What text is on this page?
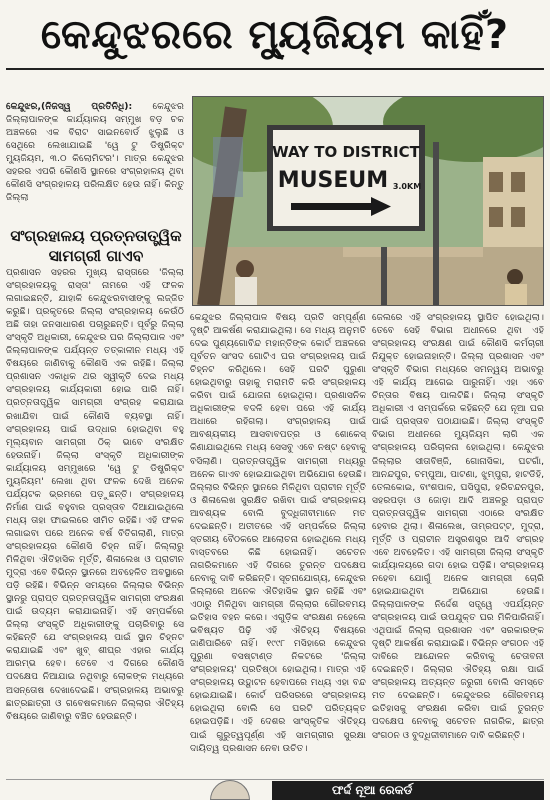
କେନ୍ଦୁଝରରେ ମ୍ୟୁଜିୟମ କାହିଁ?

କେନ୍ଦୁଝର,(ନିଜସ୍ୱ ପ୍ରତିନିଧି): କେନ୍ଦୁଝର ଜିଲ୍ଲାପାଳଙ୍କ କାର୍ଯ୍ୟାଳୟ ସମ୍ମୁଖ ବଡ଼ ଚକ ଅଞ୍ଚଳରେ ଏକ ବିରାଟ ସାଇନବୋର୍ଡ ଝୁଲୁଛି ଓ ସେଥିରେ ଲେଖାଯାଇଛି 'ୱେ ଟୁ ଡିଷ୍ଟ୍ରିକ୍ଟ ମ୍ୟୁଜିୟମ, ୩.୦ କିଲୋମିଟର'। ମାତ୍ର କେନ୍ଦୁଝର ସହରର ଏପରି କୌଣସି ସ୍ଥାନରେ ସଂଗ୍ରହାଳୟ ଥିବା କୌଣସି ସଂଗ୍ରହାଳୟ ପରିଲକ୍ଷିତ ହେଉ ନାହିଁ। କିନ୍ତୁ ଜିଲ୍ଲା

ସଂଗ୍ରହାଳୟ ପ୍ରତ୍ନତାତ୍ତ୍ୱିକ ସାମଗ୍ରୀ ଗାଏବ

ପ୍ରଶାସନ ସହରର ମୁଖ୍ୟ ରାସ୍ତାରେ 'ଜିଲ୍ଲା ସଂଗ୍ରହାଳୟକୁ ରାସ୍ତା' ନାମରେ ଏହି ଫଳକ ଲଗାଇଛନ୍ତି, ଯାହାକି କେନ୍ଦୁଝରବାସୀଙ୍କୁ ଲଜ୍ଜିତ କରୁଛି। ପ୍ରକୃତରେ ଜିଲ୍ଲା ସଂଗ୍ରହାଳୟ କେଉଁଠି ଅଛି ତାହା ଜନସାଧାରଣ ପଚାରୁଛନ୍ତି। ପୂର୍ବରୁ ଜିଲ୍ଲା ସଂସ୍କୃତି ଅଧିକାରୀ, କେନ୍ଦୁଝର ଘର ଜିଲ୍ଲାପାଳ ଏବଂ ଜିଲ୍ଲାପାଳଙ୍କ ପର୍ଯ୍ୟନ୍ତ ତତ୍କାଳୀନ ମଧ୍ୟ ଏହି ବିଷୟରେ ଜାଣିବାକୁ କୌଣସି ଏକ ରହିଛି। ଜିଲ୍ଲା ପ୍ରଶାସନ ଏକାଧିକ ଥର ସ୍ୱୀକୃତି ଦେଇ ମଧ୍ୟ ସଂଗ୍ରହାଳୟ କାର୍ଯ୍ୟକାରୀ ହୋଇ ପାରି ନାହିଁ। ପ୍ରତ୍ନତାତ୍ତ୍ୱିକ ସାମଗ୍ରୀ ସଂଗ୍ରହ କରାଯାଇ ରଖାଯିବା ପାଇଁ କୌଣସି ବ୍ୟବସ୍ଥା ନାହିଁ। ସଂଗ୍ରହାଳୟ ପାଇଁ ଉଦ୍ଧାର ହୋଇଥିବା ବହୁ ମୂଲ୍ୟବାନ ସାମଗ୍ରୀ ଠିକ୍ ଭାବେ ସଂରକ୍ଷିତ ହେଉନାହିଁ। ଜିଲ୍ଲା ସଂସ୍କୃତି ଅଧିକାରୀଙ୍କ କାର୍ଯ୍ୟାଳୟ ସମ୍ମୁଖରେ 'ୱେ ଟୁ ଡିଷ୍ଟ୍ରିକ୍ଟ ମ୍ୟୁଜିୟମ' ଲେଖା ଥିବା ଫଳକ ଦେଖି ଅନେକ ପର୍ଯ୍ୟଟକ ଭ୍ରମରେ ପଡ଼ୁଛନ୍ତି। ସଂଗ୍ରହାଳୟ ନିର୍ମାଣ ପାଇଁ ବହୁବାର ପ୍ରସ୍ତାବ ଦିଆଯାଇଥିଲେ ମଧ୍ୟ ତାହା ଫାଇଲରେ ସୀମିତ ରହିଛି। ଏହି ଫଳକ ଲଗାଇବା ପରେ ଅନେକ ବର୍ଷ ବିତିଗଲାଣି, ମାତ୍ର ସଂଗ୍ରହାଳୟର କୌଣସି ଚିହ୍ନ ନାହିଁ। ଜିଲ୍ଲାରୁ ମିଳିଥିବା ଐତିହାସିକ ମୂର୍ତ୍ତି, ଶିଳାଲେଖ ଓ ପ୍ରାଚୀନ ମୁଦ୍ରା ଏବେ ବିଭିନ୍ନ ସ୍ଥାନରେ ଅବହେଳିତ ଅବସ୍ଥାରେ ପଡ଼ି ରହିଛି। ବିଭିନ୍ନ ସମୟରେ ଜିଲ୍ଲାର ବିଭିନ୍ନ ସ୍ଥାନରୁ ପ୍ରାପ୍ତ ପ୍ରତ୍ନତାତ୍ତ୍ୱିକ ସାମଗ୍ରୀ ସଂରକ୍ଷଣ ପାଇଁ ଉଦ୍ୟମ କରାଯାଇନାହିଁ। ଏହି ସମ୍ପର୍କରେ ଜିଲ୍ଲା ସଂସ୍କୃତି ଅଧିକାରୀଙ୍କୁ ପଚାରିବାରୁ ସେ କହିଛନ୍ତି ଯେ ସଂଗ୍ରହାଳୟ ପାଇଁ ସ୍ଥାନ ଚିହ୍ନଟ କରାଯାଇଛି ଏବଂ ଖୁବ୍ ଶୀଘ୍ର ଏହାର କାର୍ଯ୍ୟ ଆରମ୍ଭ ହେବ। ତେବେ ଏ ଦିଗରେ କୌଣସି ପଦକ୍ଷେପ ନିଆଯାଇ ନଥିବାରୁ ଲୋକଙ୍କ ମଧ୍ୟରେ ଅସନ୍ତୋଷ ଦେଖାଦେଇଛି। ସଂଗ୍ରହାଳୟ ଅଭାବରୁ ଛାତ୍ରଛାତ୍ରୀ ଓ ଗବେଷକମାନେ ଜିଲ୍ଲାର ଐତିହ୍ୟ ବିଷୟରେ ଜାଣିବାରୁ ବଞ୍ଚିତ ହେଉଛନ୍ତି।

WAY TO DISTRICT
MUSEUM 3.0KM

କେନ୍ଦୁଝର ଜିଲ୍ଲାପାଳ ବିଷୟ ପ୍ରତି ସମ୍ପୂର୍ଣ୍ଣ ଦୃଷ୍ଟି ଆକର୍ଷଣ କରାଯାଇଥିଲା। ସେ ମଧ୍ୟ ଅନୁମତି ଦେଇ ପୁଣ୍ୟଗୋବିନ୍ଦ ମହାନ୍ତିଙ୍କ କୋର୍ଟ ଅଞ୍ଚଳରେ ପୂର୍ବତନ ସାଂସଦ ଗୋଟିଏ ଘର ସଂଗ୍ରହାଳୟ ପାଇଁ ଚିହ୍ନଟ କରିଥିଲେ। ସେହି ଘରଟି ପୁରୁଣା ହୋଇଥିବାରୁ ତାହାକୁ ମରାମତି କରି ସଂଗ୍ରହାଳୟ କରିବା ପାଇଁ ଯୋଜନା ହୋଇଥିଲା। ପ୍ରଶାସନିକ ଅଧିକାରୀଙ୍କ ବଦଳି ହେବା ପରେ ଏହି କାର୍ଯ୍ୟ ଅଧାରେ ରହିଗଲା। ସଂଗ୍ରହାଳୟ ପାଇଁ ଆବଶ୍ୟକୀୟ ଆସବାବପତ୍ର ଓ ଶୋକେସ୍ କିଣାଯାଇଥିଲେ ମଧ୍ୟ ସେସବୁ ଏବେ ନଷ୍ଟ ହେବାକୁ ବସିଲାଣି। ପ୍ରତ୍ନତାତ୍ତ୍ୱିକ ସାମଗ୍ରୀ ମଧ୍ୟରୁ ଅନେକ ଗାଏବ ହୋଇଯାଇଥିବା ଅଭିଯୋଗ ହେଉଛି। ଜିଲ୍ଲାର ବିଭିନ୍ନ ସ୍ଥାନରେ ମିଳିଥିବା ପ୍ରାଚୀନ ମୂର୍ତ୍ତି ଓ ଶିଳାଲେଖ ସୁରକ୍ଷିତ ରଖିବା ପାଇଁ ସଂଗ୍ରହାଳୟ ଆବଶ୍ୟକ ବୋଲି ବୁଦ୍ଧିଜୀବୀମାନେ ମତ ଦେଇଛନ୍ତି। ଅତୀତରେ ଏହି ସମ୍ପର୍କରେ ଜିଲ୍ଲା ସ୍ତରୀୟ ବୈଠକରେ ଆଲୋଚନା ହୋଇଥିଲେ ମଧ୍ୟ ବାସ୍ତବରେ କିଛି ହୋଇନାହିଁ। ସଚେତନ ନାଗରିକମାନେ ଏହି ଦିଗରେ ତୁରନ୍ତ ପଦକ୍ଷେପ ନେବାକୁ ଦାବି କରିଛନ୍ତି। ସୂଚନାଯୋଗ୍ୟ, କେନ୍ଦୁଝର ଜିଲ୍ଲାରେ ଅନେକ ଐତିହାସିକ ସ୍ଥାନ ରହିଛି ଏବଂ ଏଠାରୁ ମିଳିଥିବା ସାମଗ୍ରୀ ଜିଲ୍ଲାର ଗୌରବମୟ ଇତିହାସ ବହନ କରେ। ଏଗୁଡ଼ିକ ସଂରକ୍ଷଣ ନହେଲେ ଭବିଷ୍ୟତ ପିଢ଼ି ଏହି ଐତିହ୍ୟ ବିଷୟରେ ଜାଣିପାରିବେ ନାହିଁ। ୧୯୯୮ ମସିହାରେ କେନ୍ଦୁଝର ପୁରୁଣା ବସଷ୍ଟାଣ୍ଡ ନିକଟରେ 'ଜିଲ୍ଲା ସଂଗ୍ରହାଳୟ' ପ୍ରତିଷ୍ଠା ହୋଇଥିଲା। ମାତ୍ର ଏହି ସଂଗ୍ରହାଳୟ ଉଦ୍ଘାଟନ ହେବାପରେ ମଧ୍ୟ ଏହା ବନ୍ଦ ହୋଇଯାଇଛି। କୋର୍ଟ ପରିସରରେ ସଂଗ୍ରହାଳୟ ହୋଇଥିଲା ବୋଲି ସେ ଘରଟି ପରିତ୍ୟକ୍ତ ହୋଇପଡ଼ିଛି। ଏହି ଦେଶର ସାଂସ୍କୃତିକ ଐତିହ୍ୟ ପାଇଁ ଗୁରୁତ୍ୱପୂର୍ଣ୍ଣ ଏହି ସାମଗ୍ରୀର ସୁରକ୍ଷା ଦାୟିତ୍ୱ ପ୍ରଶାସନ ନେବା ଉଚିତ।

ଜେଲରେ ଏହି ସଂଗ୍ରହାଳୟ ସ୍ଥାପିତ ହୋଇଥିଲା। ତେବେ ସେହି ବିଭାଗ ଅଧୀନରେ ଥିବା ଏହି ସଂଗ୍ରହାଳୟ ସଂରକ୍ଷଣ ପାଇଁ କୌଣସି କର୍ମଚାରୀ ନିଯୁକ୍ତ ହୋଇନାହାନ୍ତି। ଜିଲ୍ଲା ପ୍ରଶାସନ ଏବଂ ସଂସ୍କୃତି ବିଭାଗ ମଧ୍ୟରେ ସମନ୍ୱୟ ଅଭାବରୁ ଏହି କାର୍ଯ୍ୟ ଆଗେଇ ପାରୁନାହିଁ। ଏହା ଏବେ ଚିନ୍ତାର ବିଷୟ ପାଲଟିଛି। ଜିଲ୍ଲା ସଂସ୍କୃତି ଅଧିକାରୀ ଏ ସମ୍ପର୍କରେ କହିଛନ୍ତି ଯେ ନୂଆ ଘର ପାଇଁ ପ୍ରସ୍ତାବ ପଠାଯାଇଛି। ଜିଲ୍ଲା ସଂସ୍କୃତି ବିଭାଗ ଅଧୀନରେ ମ୍ୟୁଜିୟମ ଲାଗି ଏକ ସଂଗ୍ରହାଳୟ ପରିଚାଳନା ହୋଇଥିଲା। କେନ୍ଦୁଝର ଜିଲ୍ଲାର ସୀତାବିଞ୍ଜି, ଗୋନାସିକା, ଘଟଗାଁ, ଆନନ୍ଦପୁର, ଚମ୍ପୁଆ, ପାଟଣା, ଝୁମ୍ପୁରା, ହାଟଡିହି, ତେଲକୋଇ, ବାଂଶପାଳ, ଘସିପୁରା, ହରିଚନ୍ଦନପୁର, ସହରପଡ଼ା ଓ ଜୋଡ଼ା ଆଦି ଅଞ୍ଚଳରୁ ପ୍ରାପ୍ତ ପ୍ରତ୍ନତାତ୍ତ୍ୱିକ ସାମଗ୍ରୀ ଏଠାରେ ସଂରକ୍ଷିତ ହେବାର ଥିଲା। ଶିଳାଲେଖ, ତାମ୍ରପଟ୍ଟ, ମୁଦ୍ରା, ମୂର୍ତ୍ତି ଓ ପ୍ରାଚୀନ ଅସ୍ତ୍ରଶସ୍ତ୍ର ଆଦି ସଂଗ୍ରହ ଏବେ ଅବହେଳିତ। ଏହି ସାମଗ୍ରୀ ଜିଲ୍ଲା ସଂସ୍କୃତି କାର୍ଯ୍ୟାଳୟରେ ଗଦା ହୋଇ ପଡ଼ିଛି। ସଂଗ୍ରହାଳୟ ନହେବା ଯୋଗୁଁ ଅନେକ ସାମଗ୍ରୀ ଚୋରି ହୋଇଯାଇଥିବା ଅଭିଯୋଗ ହେଉଛି। ଜିଲ୍ଲାପାଳଙ୍କ ନିର୍ଦ୍ଦେଶ ସତ୍ତ୍ୱେ ଏପର୍ଯ୍ୟନ୍ତ ସଂଗ୍ରହାଳୟ ପାଇଁ ଉପଯୁକ୍ତ ଘର ମିଳିପାରିନାହିଁ। ଏଥିପାଇଁ ଜିଲ୍ଲା ପ୍ରଶାସନ ଏବଂ ସରକାରଙ୍କ ଦୃଷ୍ଟି ଆକର୍ଷଣ କରାଯାଇଛି। ବିଭିନ୍ନ ସଂଗଠନ ଏହି ଦାବିରେ ଆନ୍ଦୋଳନ କରିବାକୁ ଚେତାବନୀ ଦେଇଛନ୍ତି। ଜିଲ୍ଲାର ଐତିହ୍ୟ ରକ୍ଷା ପାଇଁ ସଂଗ୍ରହାଳୟ ଅତ୍ୟନ୍ତ ଜରୁରୀ ବୋଲି ସମସ୍ତେ ମତ ଦେଇଛନ୍ତି। କେନ୍ଦୁଝରର ଗୌରବମୟ ଇତିହାସକୁ ସଂରକ୍ଷଣ କରିବା ପାଇଁ ତୁରନ୍ତ ପଦକ୍ଷେପ ନେବାକୁ ସଚେତନ ନାଗରିକ, ଛାତ୍ର ସଂଗଠନ ଓ ବୁଦ୍ଧିଜୀବୀମାନେ ଦାବି କରିଛନ୍ତି।

ଫର୍ଦ୍ଦ ନୂଆ ରେକର୍ଡ
